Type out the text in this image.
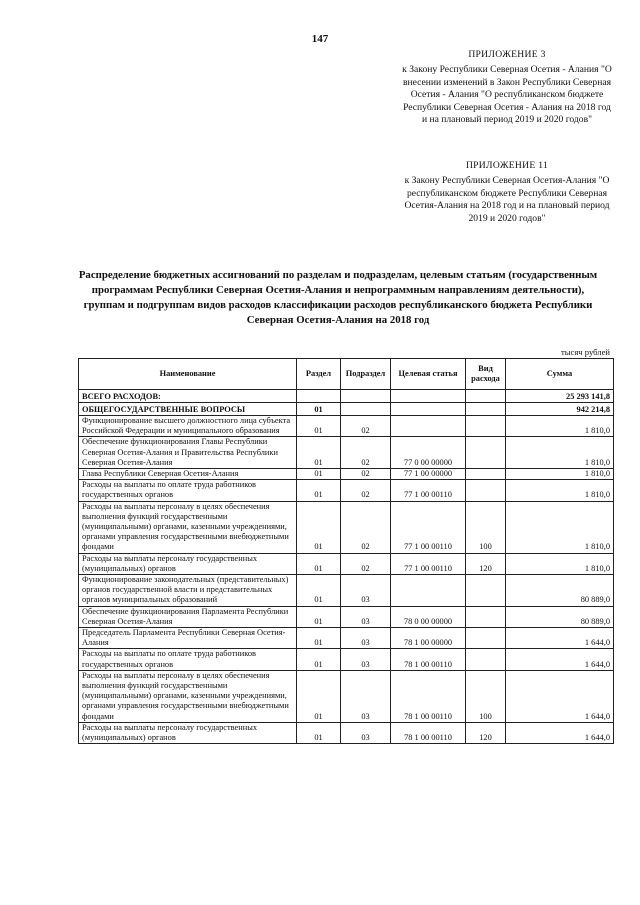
147
ПРИЛОЖЕНИЕ 3
к Закону Республики Северная Осетия - Алания "О внесении изменений в Закон Республики Северная Осетия - Алания "О республиканском бюджете Республики Северная Осетия - Алания на 2018 год и на плановый период 2019 и 2020 годов"
ПРИЛОЖЕНИЕ 11
к Закону Республики Северная Осетия-Алания "О республиканском бюджете Республики Северная Осетия-Алания на 2018 год и на плановый период 2019 и 2020 годов"
Распределение бюджетных ассигнований по разделам и подразделам, целевым статьям (государственным программам Республики Северная Осетия-Алания и непрограммным направлениям деятельности), группам и подгруппам видов расходов классификации расходов республиканского бюджета Республики Северная Осетия-Алания на 2018 год
тысяч рублей
Наименование	Раздел	Подраздел	Целевая статья	Вид расхода	Сумма
ВСЕГО РАСХОДОВ:					25 293 141,8
ОБЩЕГОСУДАРСТВЕННЫЕ ВОПРОСЫ	01				942 214,8
Функционирование высшего должностного лица субъекта Российской Федерации и муниципального образования	01	02			1 810,0
Обеспечение функционирования Главы Республики Северная Осетия-Алания и Правительства Республики Северная Осетия-Алания	01	02	77 0 00 00000		1 810,0
Глава Республики Северная Осетия-Алания	01	02	77 1 00 00000		1 810,0
Расходы на выплаты по оплате труда работников государственных органов	01	02	77 1 00 00110		1 810,0
Расходы на выплаты персоналу в целях обеспечения выполнения функций государственными (муниципальными) органами, казенными учреждениями, органами управления государственными внебюджетными фондами	01	02	77 1 00 00110	100	1 810,0
Расходы на выплаты персоналу государственных (муниципальных) органов	01	02	77 1 00 00110	120	1 810,0
Функционирование законодательных (представительных) органов государственной власти и представительных органов муниципальных образований	01	03			80 889,0
Обеспечение функционирования Парламента Республики Северная Осетия-Алания	01	03	78 0 00 00000		80 889,0
Председатель Парламента Республики Северная Осетия-Алания	01	03	78 1 00 00000		1 644,0
Расходы на выплаты по оплате труда работников государственных органов	01	03	78 1 00 00110		1 644,0
Расходы на выплаты персоналу в целях обеспечения выполнения функций государственными (муниципальными) органами, казенными учреждениями, органами управления государственными внебюджетными фондами	01	03	78 1 00 00110	100	1 644,0
Расходы на выплаты персоналу государственных (муниципальных) органов	01	03	78 1 00 00110	120	1 644,0
